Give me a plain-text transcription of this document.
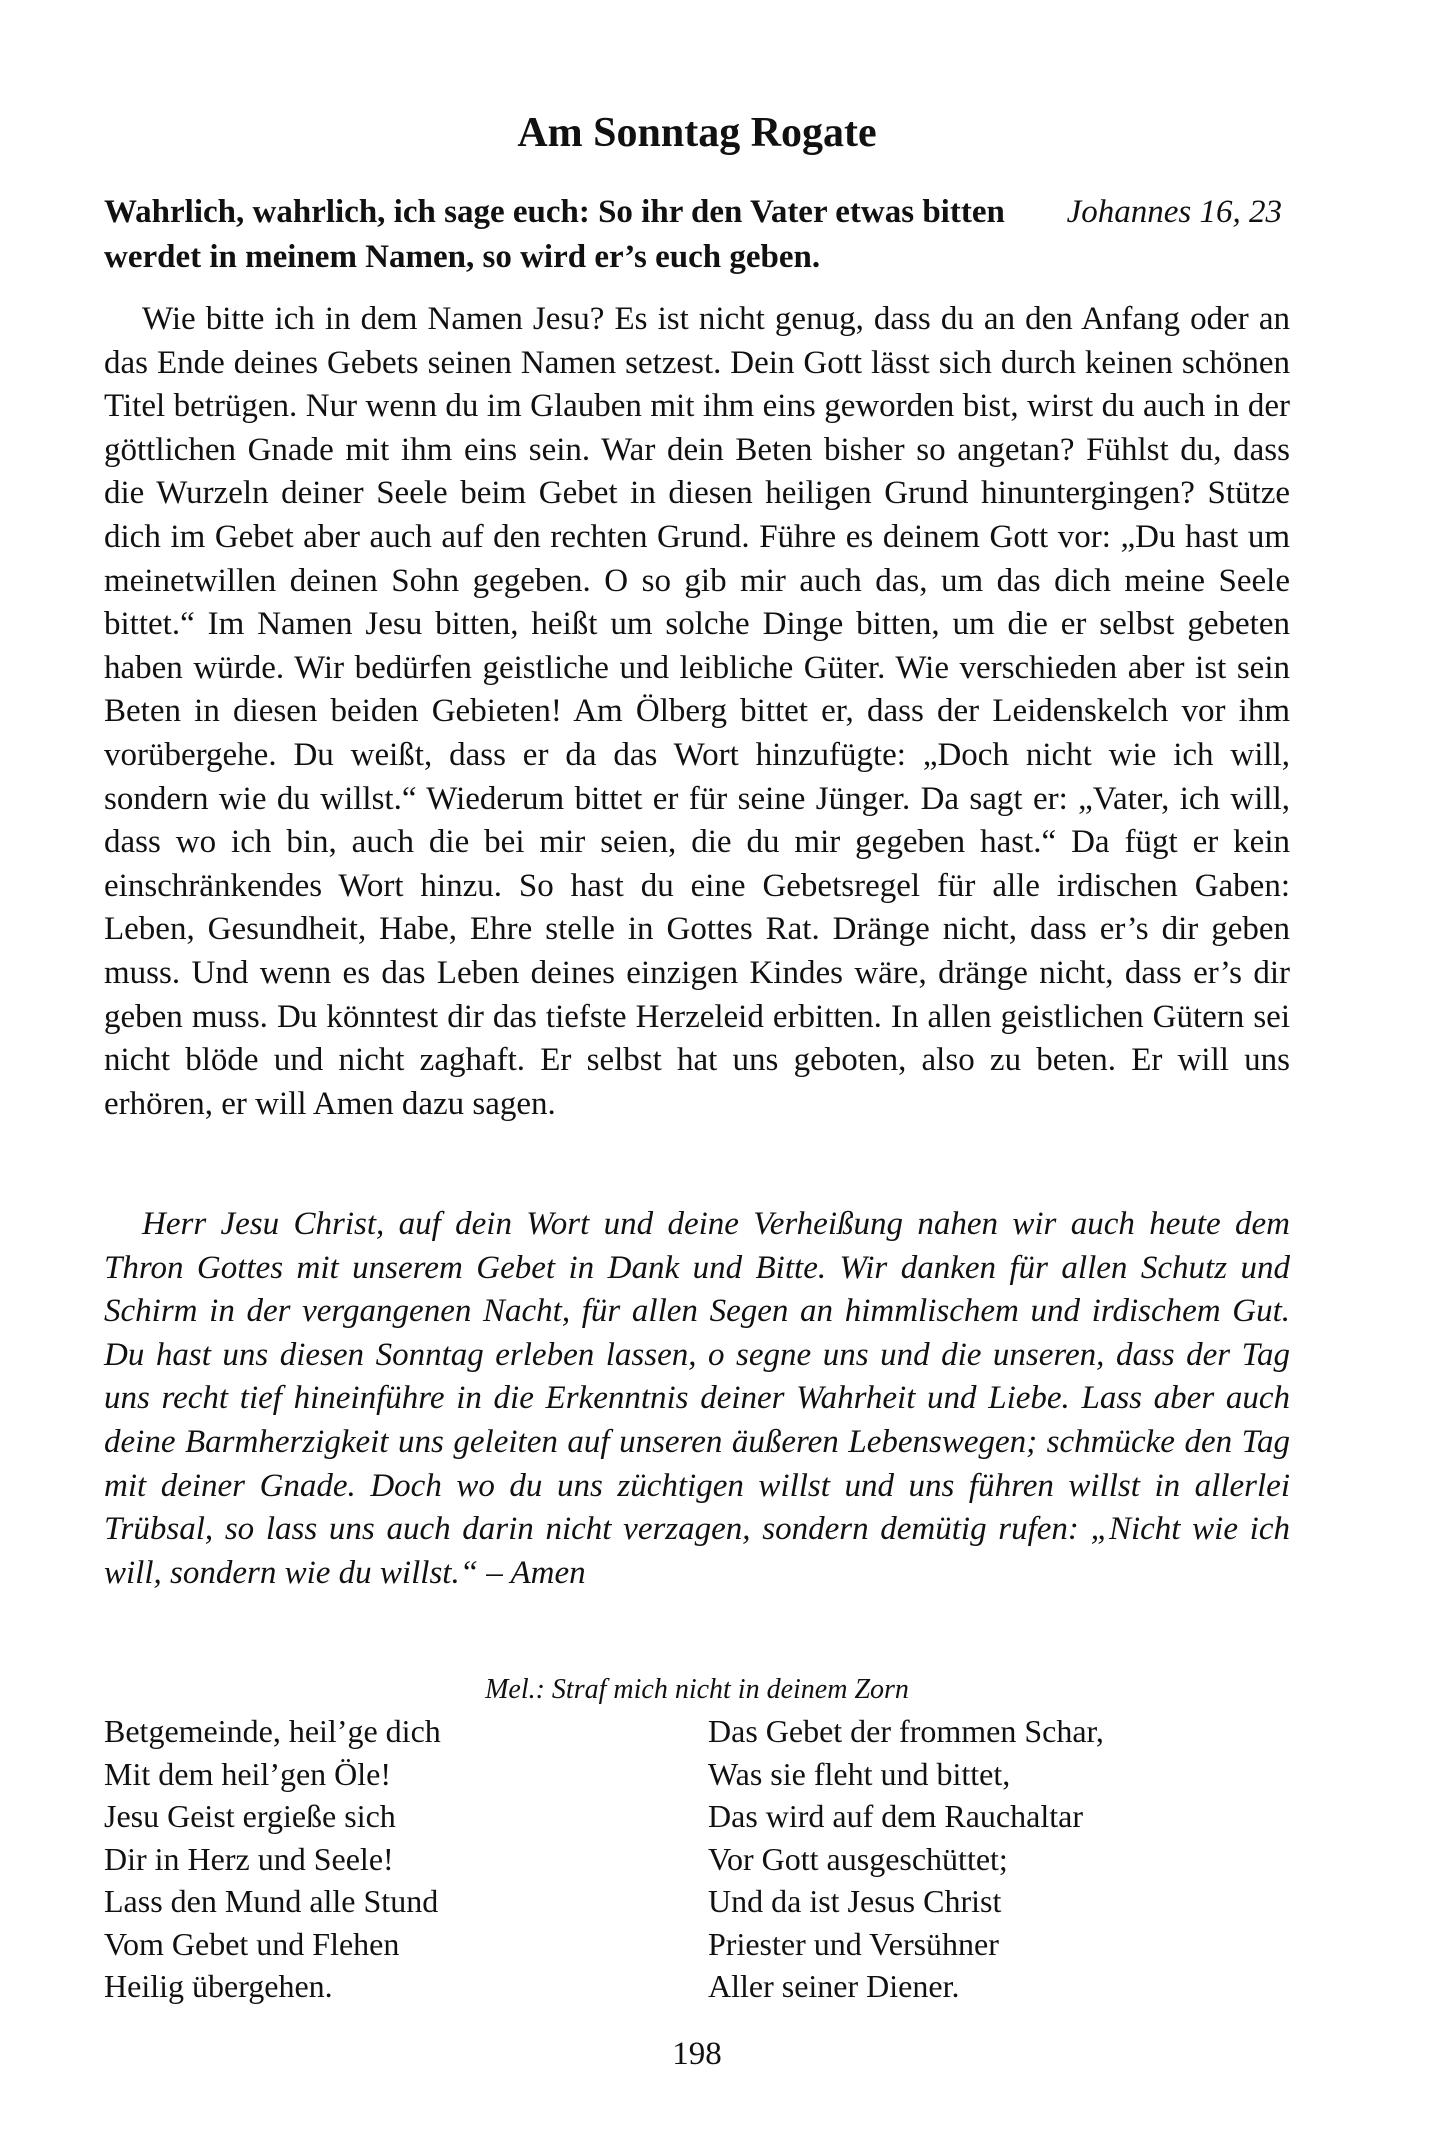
Am Sonntag Rogate

Johannes 16, 23
Wahrlich, wahrlich, ich sage euch: So ihr den Vater etwas bitten werdet in meinem Namen, so wird er’s euch geben.

Wie bitte ich in dem Namen Jesu? Es ist nicht genug, dass du an den Anfang oder an das Ende deines Gebets seinen Namen setzest. Dein Gott lässt sich durch keinen schönen Titel betrügen. Nur wenn du im Glauben mit ihm eins geworden bist, wirst du auch in der göttlichen Gnade mit ihm eins sein. War dein Beten bisher so angetan? Fühlst du, dass die Wurzeln deiner Seele beim Gebet in diesen heiligen Grund hinuntergingen? Stütze dich im Gebet aber auch auf den rechten Grund. Führe es deinem Gott vor: „Du hast um meinetwillen deinen Sohn gegeben. O so gib mir auch das, um das dich meine Seele bittet.“ Im Namen Jesu bitten, heißt um solche Dinge bitten, um die er selbst gebeten haben würde. Wir bedürfen geistliche und leibliche Güter. Wie verschieden aber ist sein Beten in diesen beiden Gebieten! Am Ölberg bittet er, dass der Leidenskelch vor ihm vorübergehe. Du weißt, dass er da das Wort hinzufügte: „Doch nicht wie ich will, sondern wie du willst.“ Wiederum bittet er für seine Jünger. Da sagt er: „Vater, ich will, dass wo ich bin, auch die bei mir seien, die du mir gegeben hast.“ Da fügt er kein einschränkendes Wort hinzu. So hast du eine Gebetsregel für alle irdischen Gaben: Leben, Gesundheit, Habe, Ehre stelle in Gottes Rat. Dränge nicht, dass er’s dir geben muss. Und wenn es das Leben deines einzigen Kindes wäre, dränge nicht, dass er’s dir geben muss. Du könntest dir das tiefste Herzeleid erbitten. In allen geistlichen Gütern sei nicht blöde und nicht zaghaft. Er selbst hat uns geboten, also zu beten. Er will uns erhören, er will Amen dazu sagen.

Herr Jesu Christ, auf dein Wort und deine Verheißung nahen wir auch heute dem Thron Gottes mit unserem Gebet in Dank und Bitte. Wir danken für allen Schutz und Schirm in der vergangenen Nacht, für allen Segen an himmlischem und irdischem Gut. Du hast uns diesen Sonntag erleben lassen, o segne uns und die unseren, dass der Tag uns recht tief hineinführe in die Erkenntnis deiner Wahrheit und Liebe. Lass aber auch deine Barmherzigkeit uns geleiten auf unseren äußeren Lebenswegen; schmücke den Tag mit deiner Gnade. Doch wo du uns züchtigen willst und uns führen willst in allerlei Trübsal, so lass uns auch darin nicht verzagen, sondern demütig rufen: „Nicht wie ich will, sondern wie du willst.“ – Amen

Mel.: Straf mich nicht in deinem Zorn

Betgemeinde, heil’ge dich
Mit dem heil’gen Öle!
Jesu Geist ergieße sich
Dir in Herz und Seele!
Lass den Mund alle Stund
Vom Gebet und Flehen
Heilig übergehen.
Das Gebet der frommen Schar,
Was sie fleht und bittet,
Das wird auf dem Rauchaltar
Vor Gott ausgeschüttet;
Und da ist Jesus Christ
Priester und Versühner
Aller seiner Diener.

198
